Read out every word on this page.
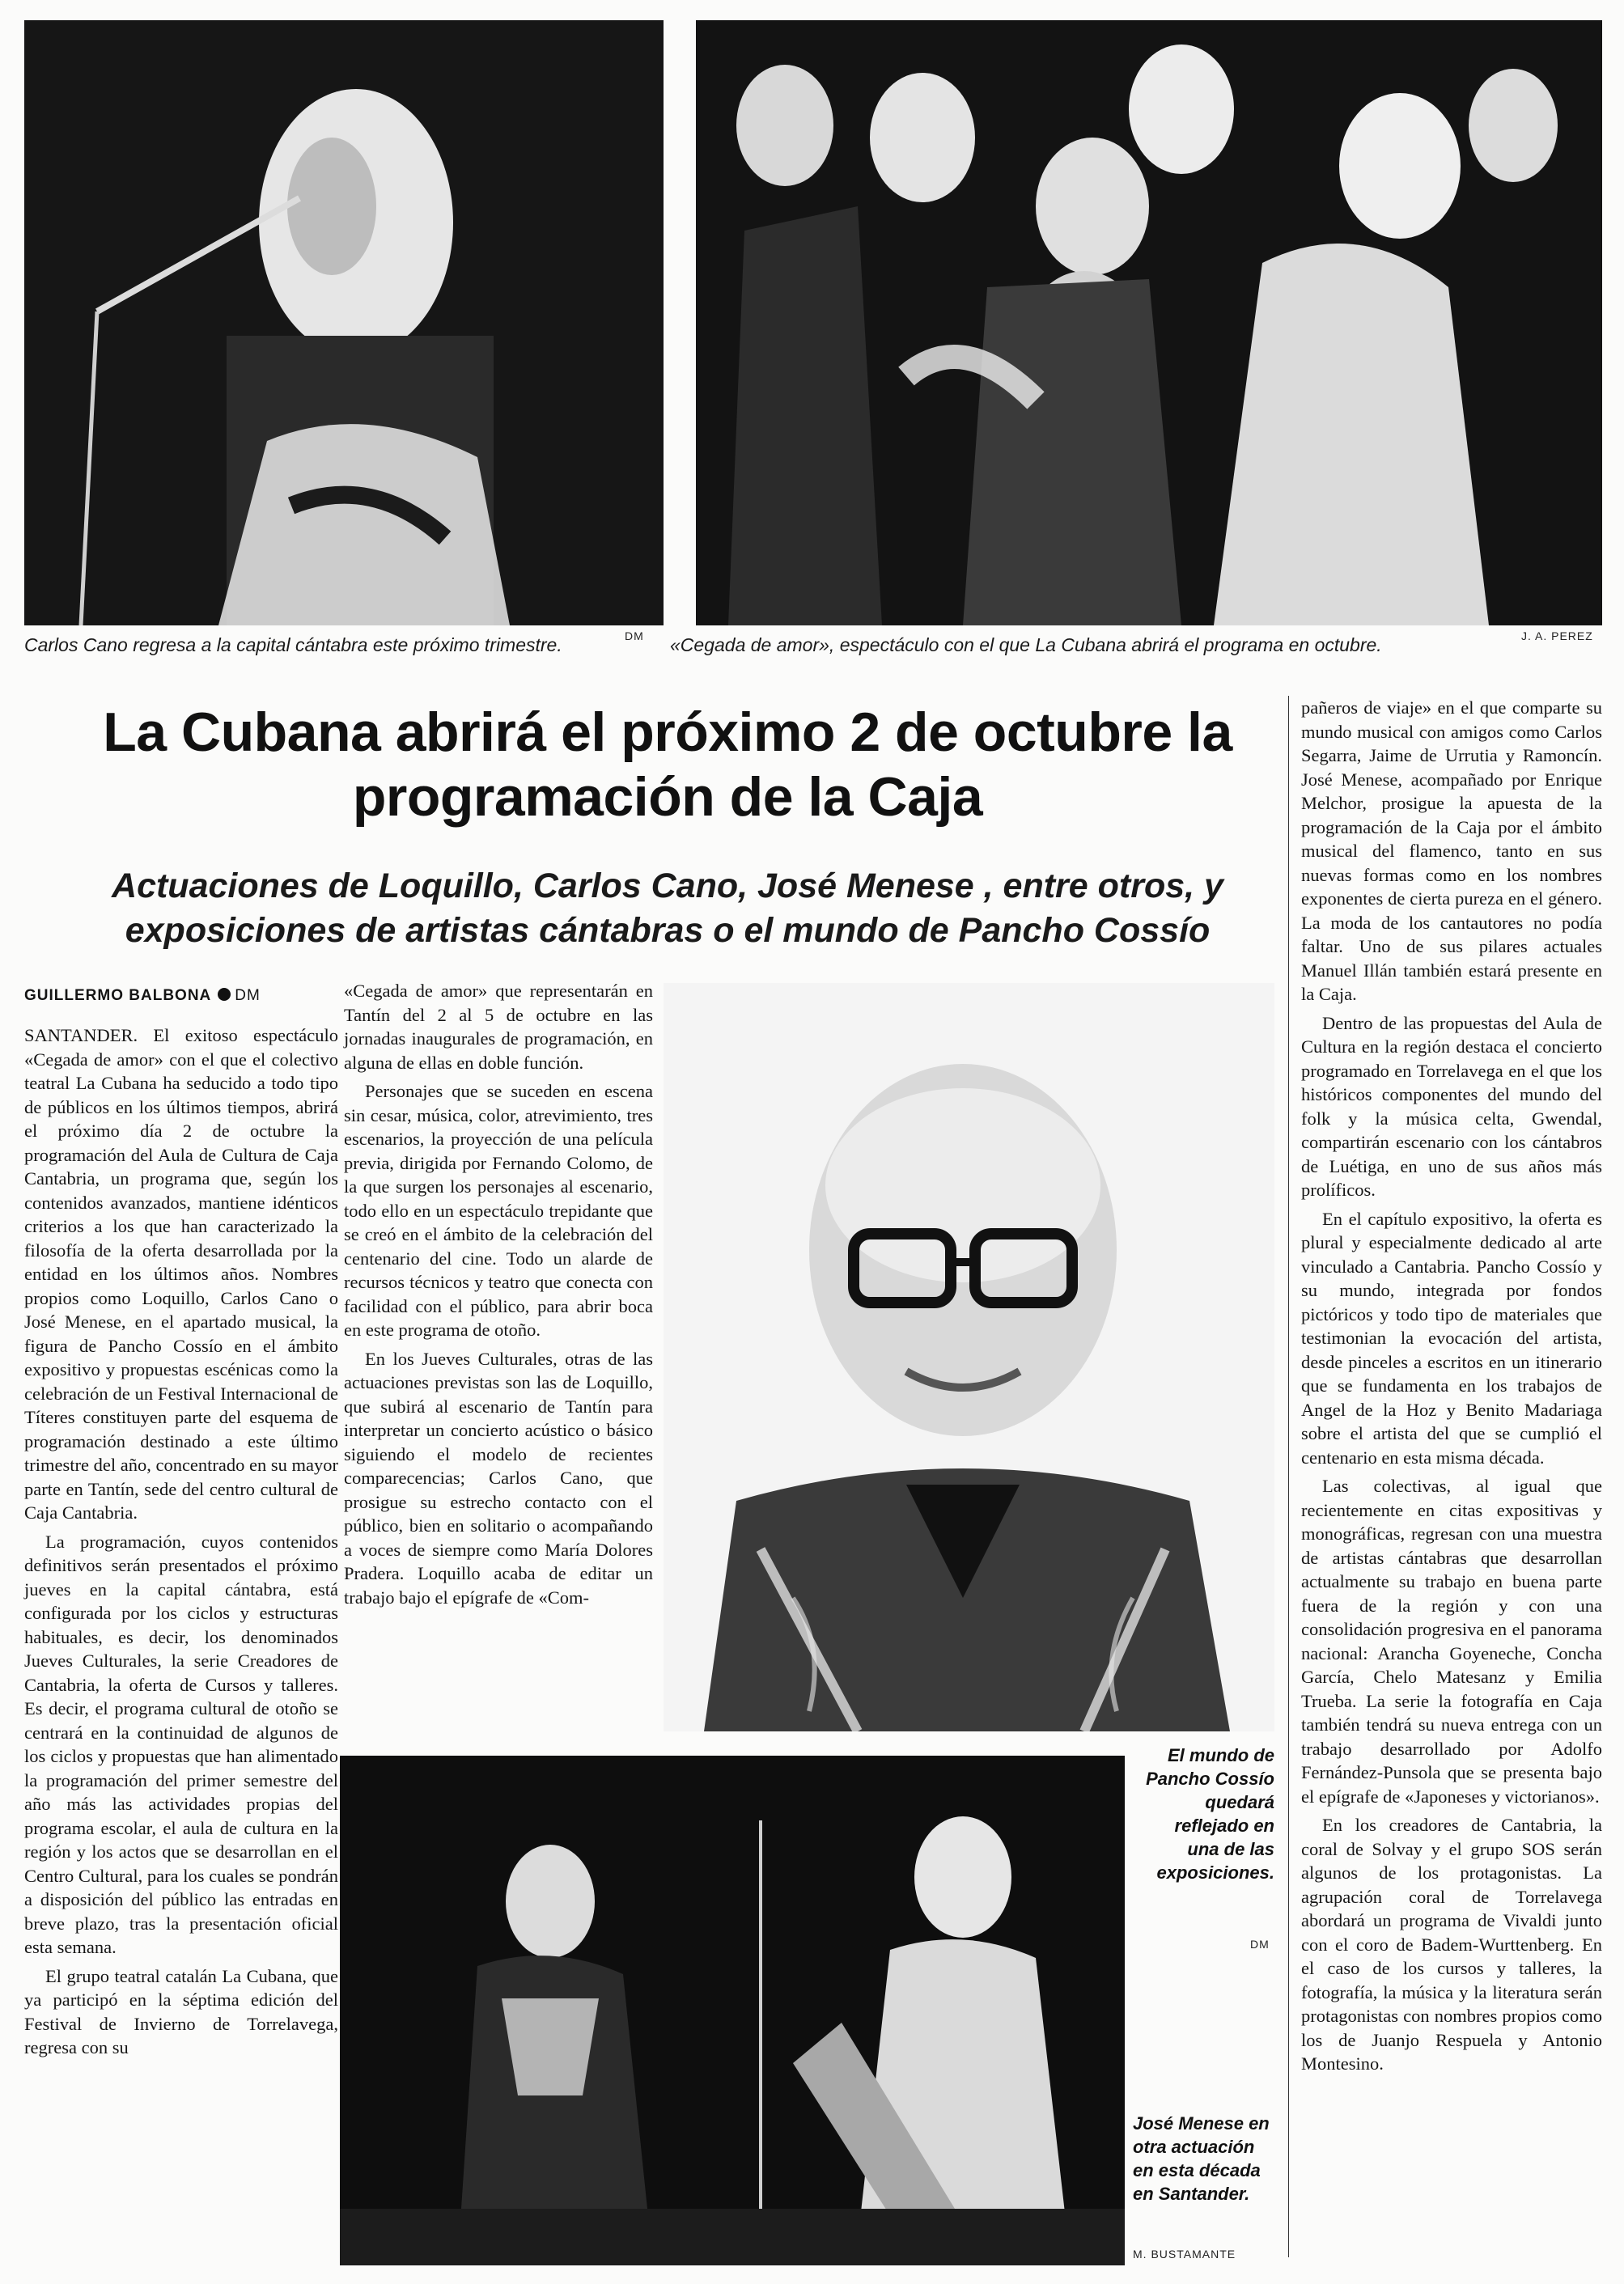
Carlos Cano regresa a la capital cántabra este próximo trimestre.	DM «Cegada de amor», espectáculo con el que La Cubana abrirá el programa en octubre.	J. A. PEREZ
La Cubana abrirá el próximo 2 de octubre la programación de la Caja
Actuaciones de Loquillo, Carlos Cano, José Menese , entre otros, y exposiciones de artistas cántabras o el mundo de Pancho Cossío
GUILLERMO BALBONA DM

SANTANDER. El exitoso espectáculo «Cegada de amor» con el que el colectivo teatral La Cubana ha seducido a todo tipo de públicos en los últimos tiempos, abrirá el próximo día 2 de octubre la programación del Aula de Cultura de Caja Cantabria, un programa que, según los contenidos avanzados, mantiene idénticos criterios a los que han caracterizado la filosofía de la oferta desarrollada por la entidad en los últimos años. Nombres propios como Loquillo, Carlos Cano o José Menese, en el apartado musical, la figura de Pancho Cossío en el ámbito expositivo y propuestas escénicas como la celebración de un Festival Internacional de Títeres constituyen parte del esquema de programación destinado a este último trimestre del año, concentrado en su mayor parte en Tantín, sede del centro cultural de Caja Cantabria.

La programación, cuyos contenidos definitivos serán presentados el próximo jueves en la capital cántabra, está configurada por los ciclos y estructuras habituales, es decir, los denominados Jueves Culturales, la serie Creadores de Cantabria, la oferta de Cursos y talleres. Es decir, el programa cultural de otoño se centrará en la continuidad de algunos de los ciclos y propuestas que han alimentado la programación del primer semestre del año más las actividades propias del programa escolar, el aula de cultura en la región y los actos que se desarrollan en el Centro Cultural, para los cuales se pondrán a disposición del público las entradas en breve plazo, tras la presentación oficial esta semana.

El grupo teatral catalán La Cubana, que ya participó en la séptima edición del Festival de Invierno de Torrelavega, regresa con su

«Cegada de amor» que representarán en Tantín del 2 al 5 de octubre en las jornadas inaugurales de programación, en alguna de ellas en doble función.

Personajes que se suceden en escena sin cesar, música, color, atrevimiento, tres escenarios, la proyección de una película previa, dirigida por Fernando Colomo, de la que surgen los personajes al escenario, todo ello en un espectáculo trepidante que se creó en el ámbito de la celebración del centenario del cine. Todo un alarde de recursos técnicos y teatro que conecta con facilidad con el público, para abrir boca en este programa de otoño.

En los Jueves Culturales, otras de las actuaciones previstas son las de Loquillo, que subirá al escenario de Tantín para interpretar un concierto acústico o básico siguiendo el modelo de recientes comparecencias; Carlos Cano, que prosigue su estrecho contacto con el público, bien en solitario o acompañando a voces de siempre como María Dolores Pradera. Loquillo acaba de editar un trabajo bajo el epígrafe de «Com-

pañeros de viaje» en el que comparte su mundo musical con amigos como Carlos Segarra, Jaime de Urrutia y Ramoncín. José Menese, acompañado por Enrique Melchor, prosigue la apuesta de la programación de la Caja por el ámbito musical del flamenco, tanto en sus nuevas formas como en los nombres exponentes de cierta pureza en el género. La moda de los cantautores no podía faltar. Uno de sus pilares actuales Manuel Illán también estará presente en la Caja.

Dentro de las propuestas del Aula de Cultura en la región destaca el concierto programado en Torrelavega en el que los históricos componentes del mundo del folk y la música celta, Gwendal, compartirán escenario con los cántabros de Luétiga, en uno de sus años más prolíficos.

En el capítulo expositivo, la oferta es plural y especialmente dedicado al arte vinculado a Cantabria. Pancho Cossío y su mundo, integrada por fondos pictóricos y todo tipo de materiales que testimonian la evocación del artista, desde pinceles a escritos en un itinerario que se fundamenta en los trabajos de Angel de la Hoz y Benito Madariaga sobre el artista del que se cumplió el centenario en esta misma década.

Las colectivas, al igual que recientemente en citas expositivas y monográficas, regresan con una muestra de artistas cántabras que desarrollan actualmente su trabajo en buena parte fuera de la región y con una consolidación progresiva en el panorama nacional: Arancha Goyeneche, Concha García, Chelo Matesanz y Emilia Trueba. La serie la fotografía en Caja también tendrá su nueva entrega con un trabajo desarrollado por Adolfo Fernández-Punsola que se presenta bajo el epígrafe de «Japoneses y victorianos».

En los creadores de Cantabria, la coral de Solvay y el grupo SOS serán algunos de los protagonistas. La agrupación coral de Torrelavega abordará un programa de Vivaldi junto con el coro de Badem-Wurttenberg. En el caso de los cursos y talleres, la fotografía, la música y la literatura serán protagonistas con nombres propios como los de Juanjo Respuela y Antonio Montesino.

El mundo de Pancho Cossío quedará reflejado en una de las exposiciones.
DM
José Menese en otra actuación en esta década en Santander.
M. BUSTAMANTE
